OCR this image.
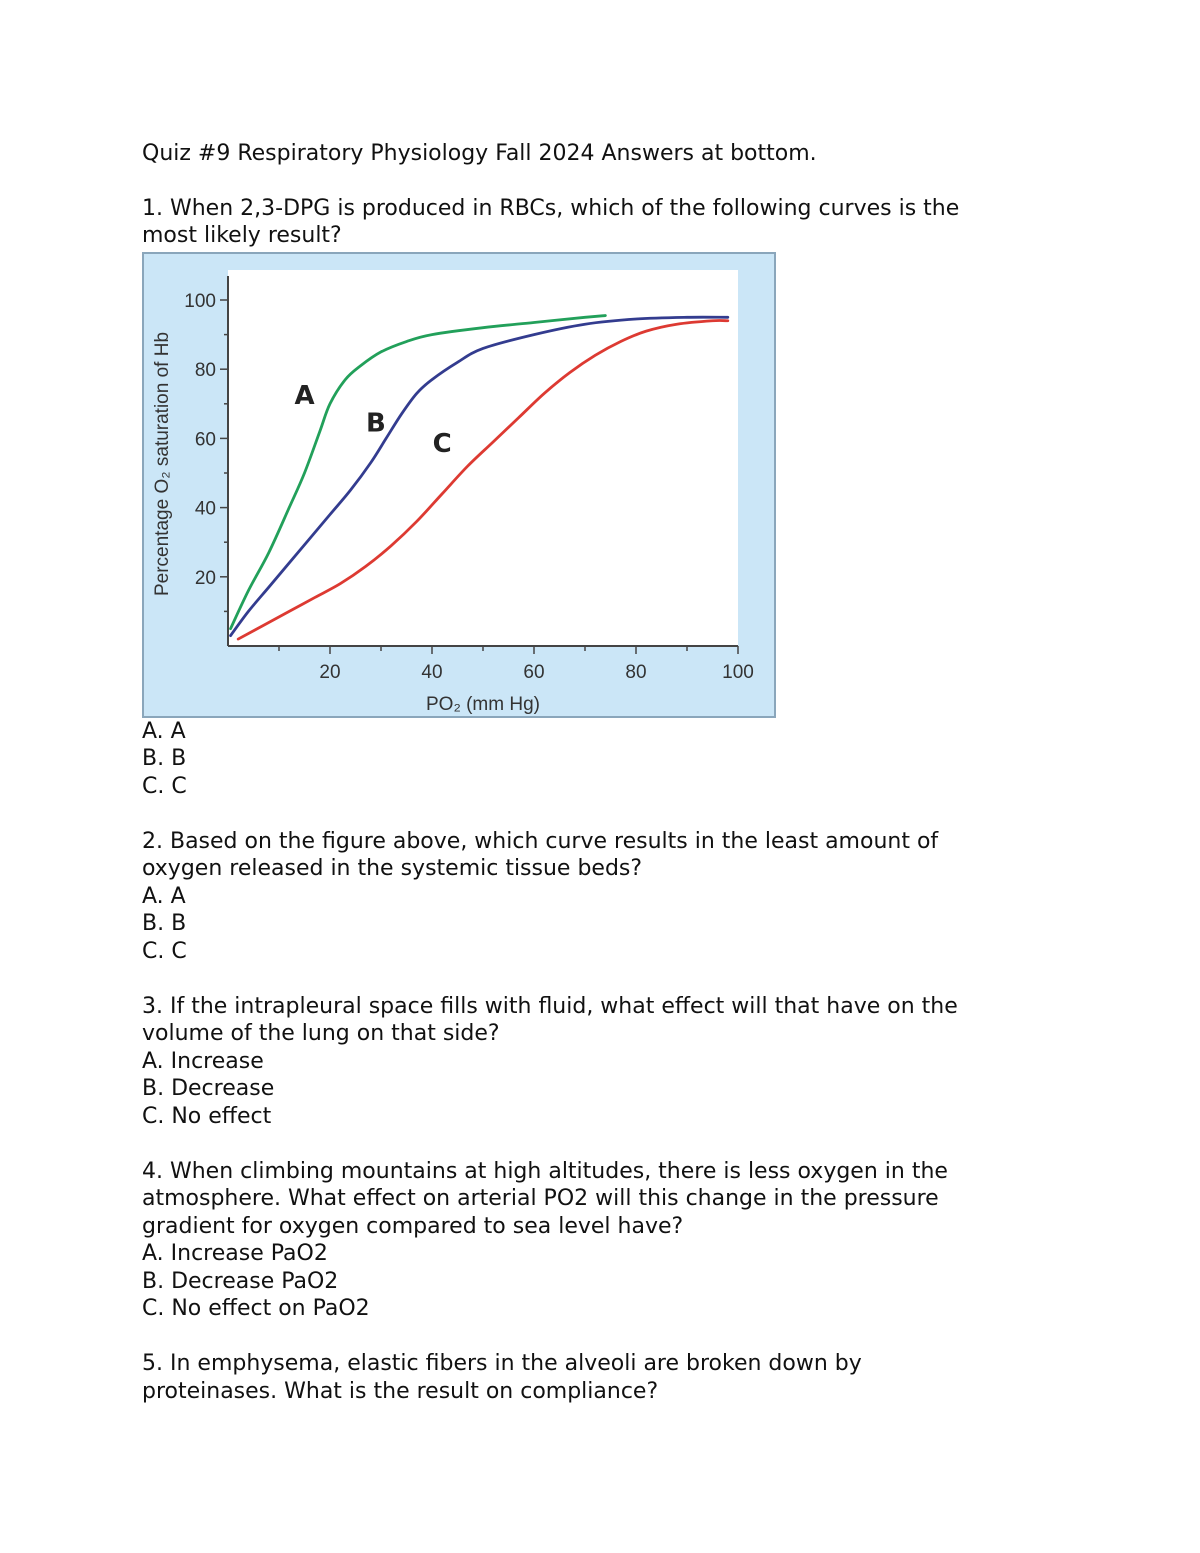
Quiz #9 Respiratory Physiology Fall 2024 Answers at bottom.
1. When 2,3-DPG is produced in RBCs, which of the following curves is the
most likely result?
20
40
60
80
100
20	40	60	80	100
A
B
C
PO₂ (mm Hg)
Percentage O₂ saturation of Hb
A. A
B. B
C. C
2. Based on the figure above, which curve results in the least amount of
oxygen released in the systemic tissue beds?
A. A
B. B
C. C
3. If the intrapleural space fills with fluid, what effect will that have on the
volume of the lung on that side?
A. Increase
B. Decrease
C. No effect
4. When climbing mountains at high altitudes, there is less oxygen in the
atmosphere. What effect on arterial PO2 will this change in the pressure
gradient for oxygen compared to sea level have?
A. Increase PaO2
B. Decrease PaO2
C. No effect on PaO2
5. In emphysema, elastic fibers in the alveoli are broken down by
proteinases. What is the result on compliance?
